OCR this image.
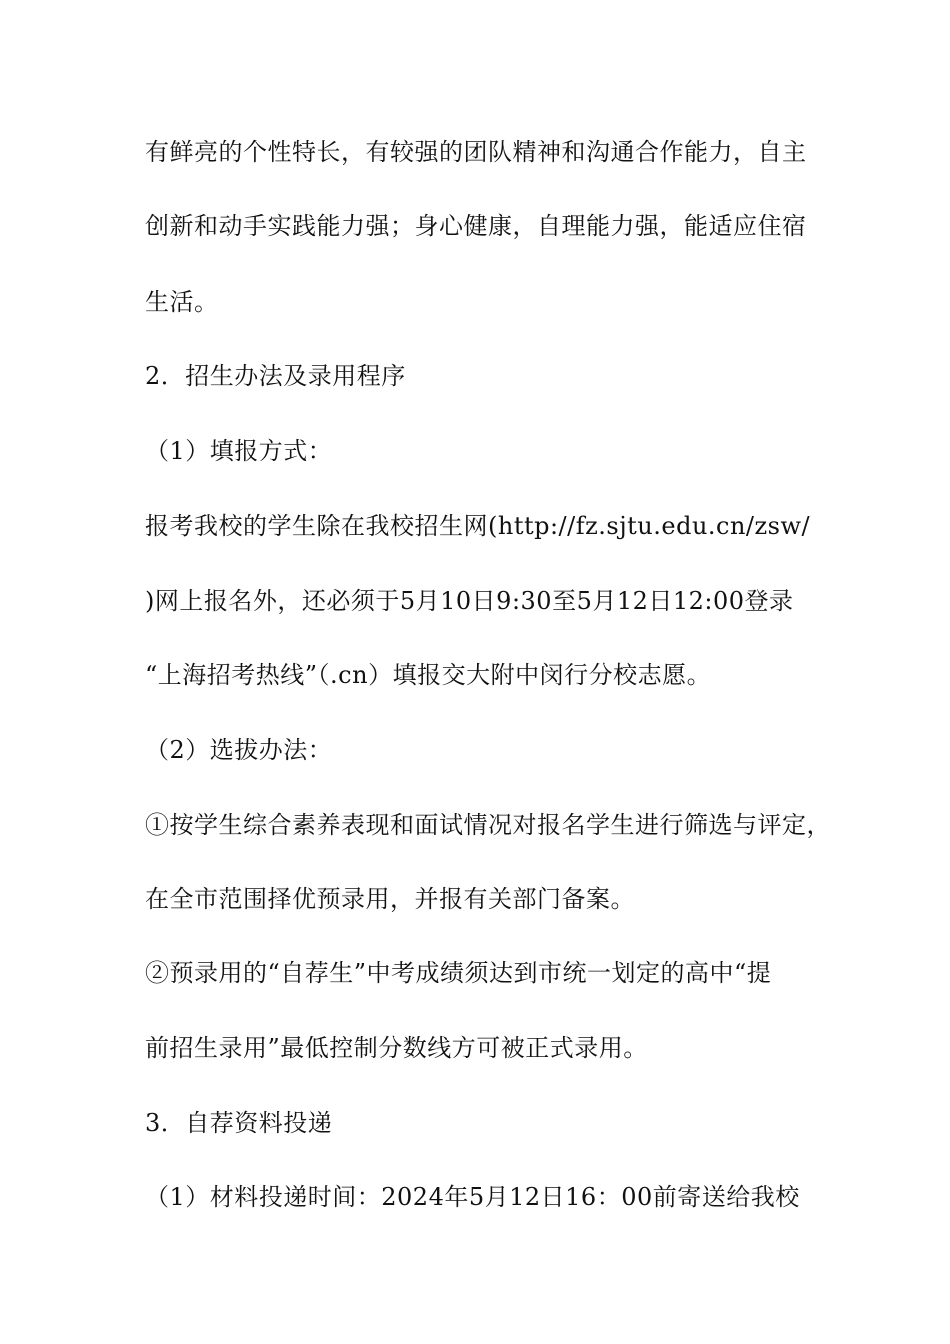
有鲜亮的个性特长，有较强的团队精神和沟通合作能力，自主
创新和动手实践能力强；身心健康，自理能力强，能适应住宿
生活。
2．招生办法及录用程序
（1）填报方式：
报考我校的学生除在我校招生网(http://fz.sjtu.edu.cn/zsw/
)网上报名外，还必须于5月10日9:30至5月12日12:00登录
“上海招考热线”（.cn）填报交大附中闵行分校志愿。
（2）选拔办法：
①按学生综合素养表现和面试情况对报名学生进行筛选与评定，
在全市范围择优预录用，并报有关部门备案。
②预录用的“自荐生”中考成绩须达到市统一划定的高中“提
前招生录用”最低控制分数线方可被正式录用。
3．自荐资料投递
（1）材料投递时间：2024年5月12日16：00前寄送给我校
